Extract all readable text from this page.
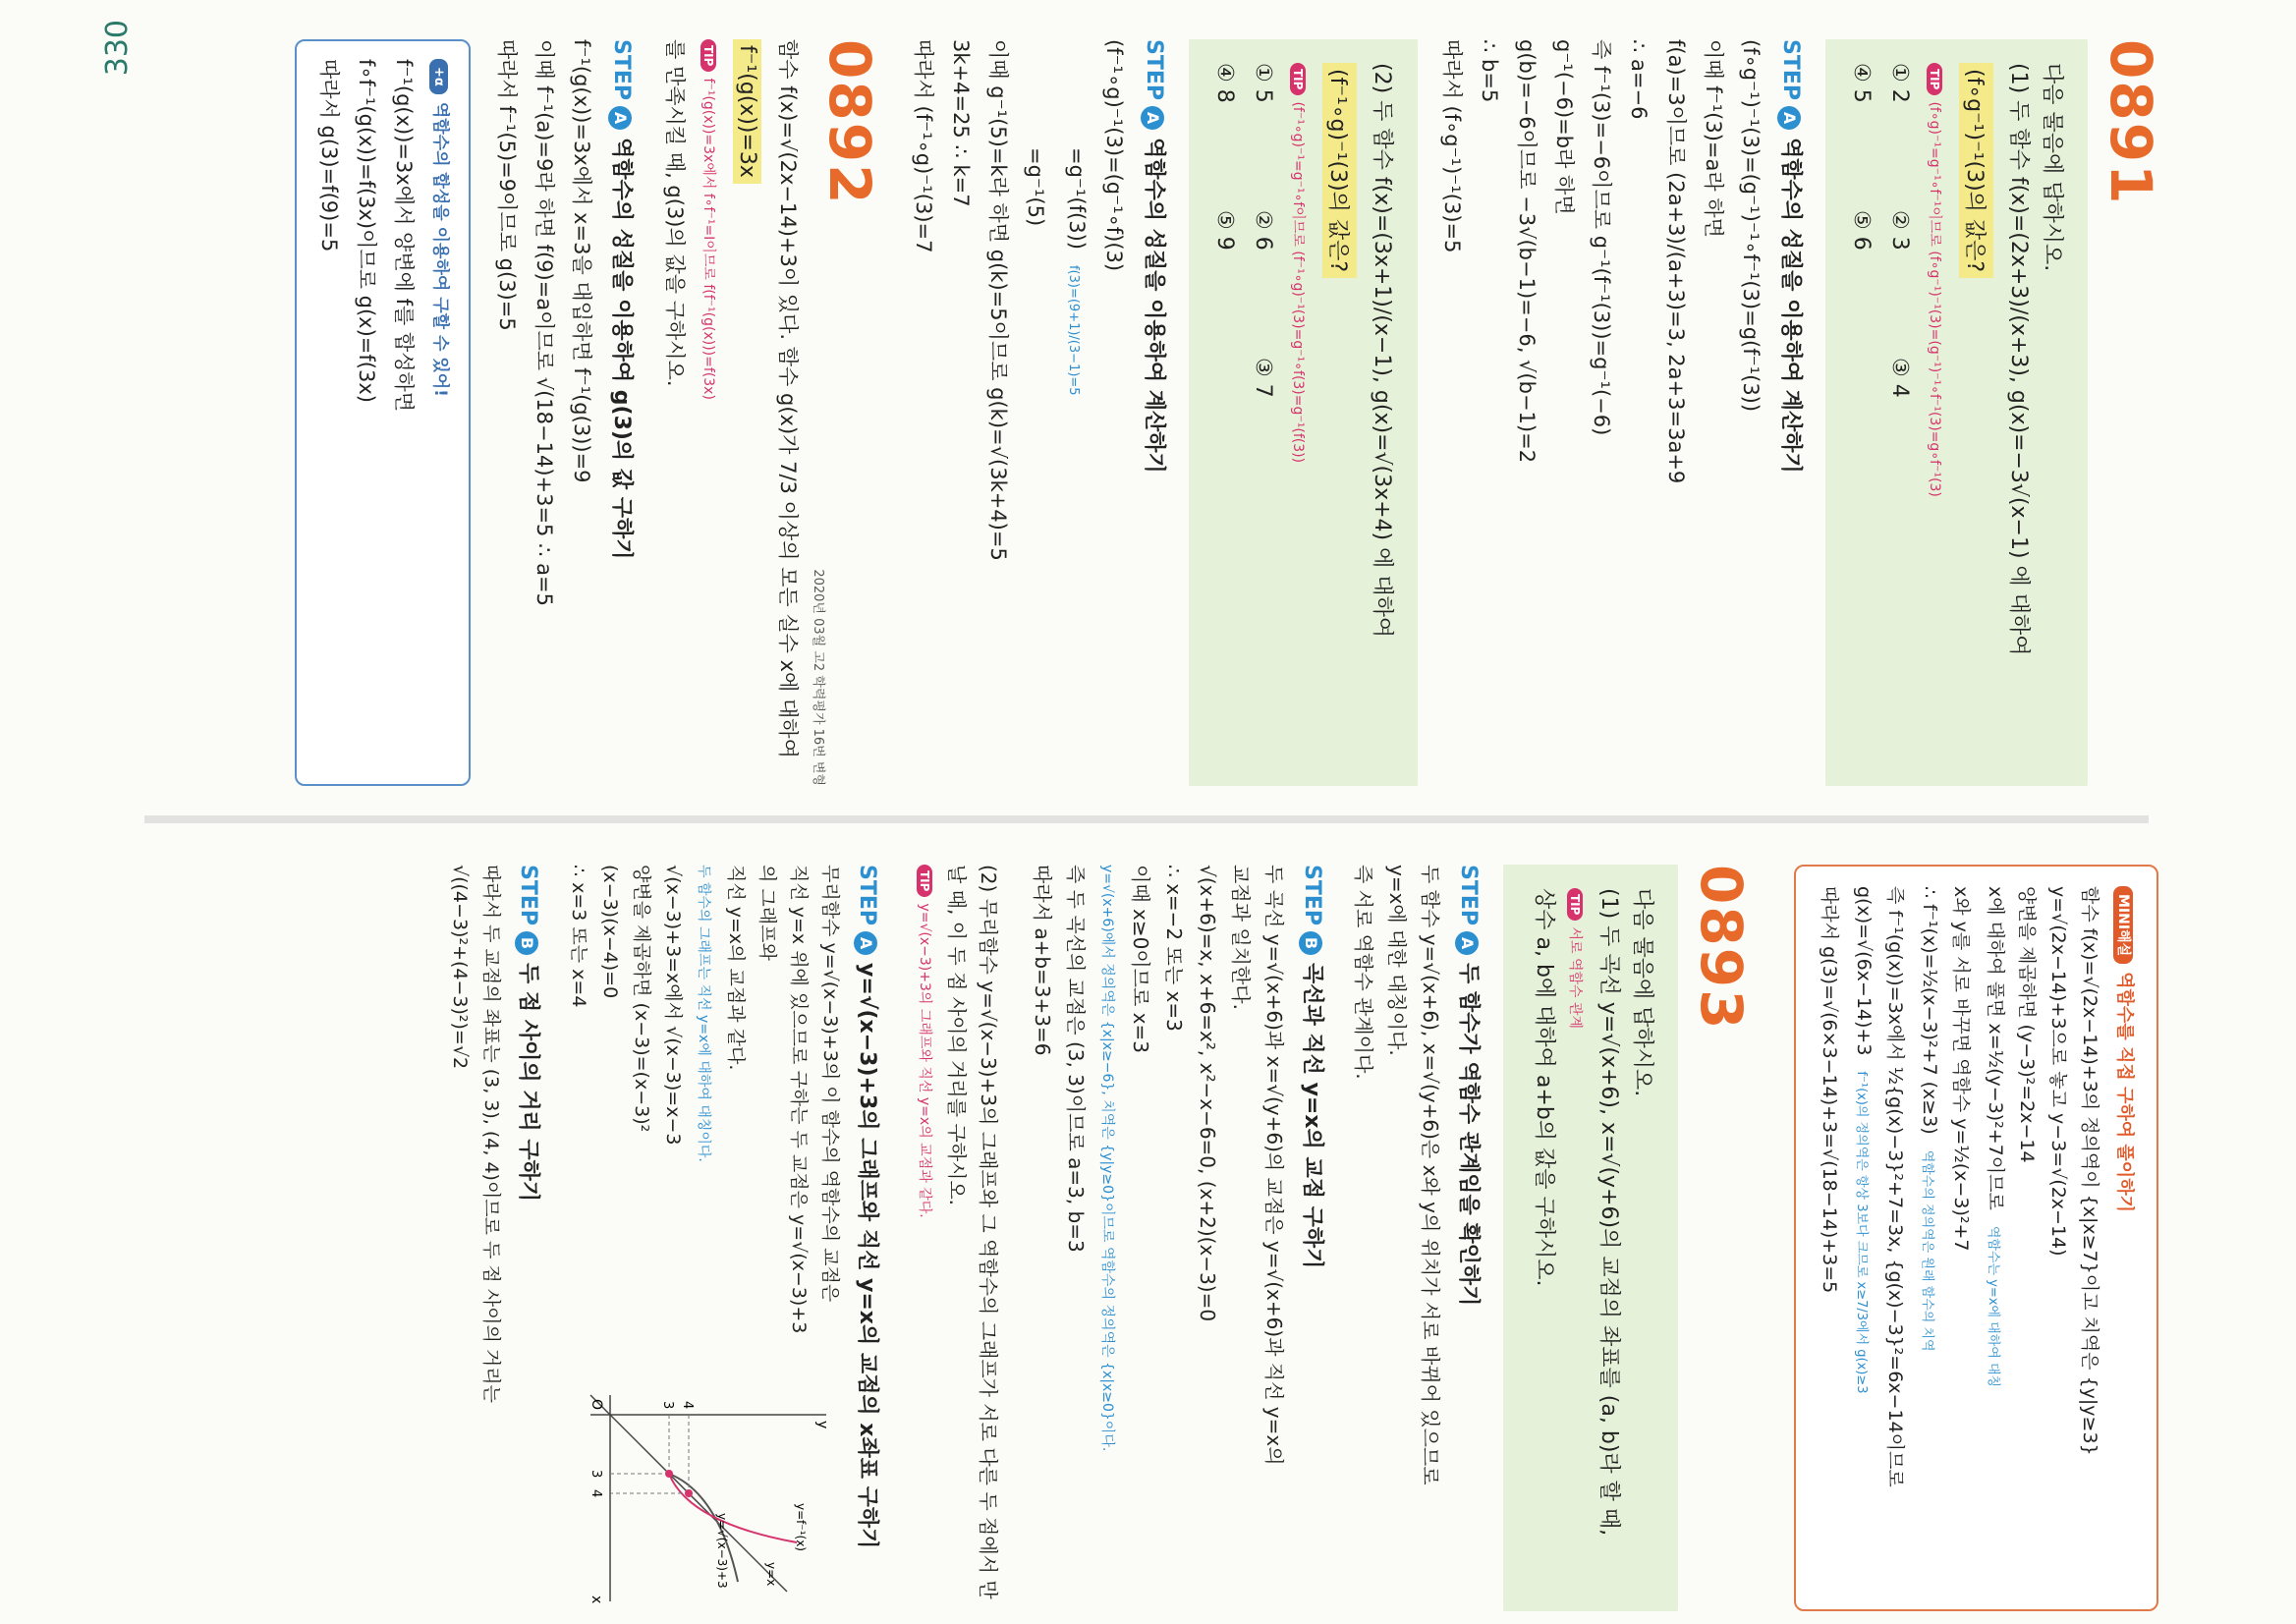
330	0891

다음 물음에 답하시오.

(1) 두 함수 f(x)=(2x+3)/(x+3), g(x)=−3√(x−1) 에 대하여

(f∘g⁻¹)⁻¹(3)의 값은?

TIP(f∘g)⁻¹=g⁻¹∘f⁻¹이므로 (f∘g⁻¹)⁻¹(3)=(g⁻¹)⁻¹∘f⁻¹(3)=g∘f⁻¹(3)

① 2
② 3
③ 4
④ 5
⑤ 6
STEPA역함수의 성질을 이용하여 계산하기

(f∘g⁻¹)⁻¹(3)=(g⁻¹)⁻¹∘f⁻¹(3)=g(f⁻¹(3))

이때 f⁻¹(3)=a라 하면

f(a)=3이므로 (2a+3)/(a+3)=3, 2a+3=3a+9

∴ a=−6

즉 f⁻¹(3)=−6이므로 g⁻¹(f⁻¹(3))=g⁻¹(−6)

g⁻¹(−6)=b라 하면

g(b)=−6이므로 −3√(b−1)=−6, √(b−1)=2

∴ b=5

따라서 (f∘g⁻¹)⁻¹(3)=5

(2) 두 함수 f(x)=(3x+1)/(x−1), g(x)=√(3x+4) 에 대하여

(f⁻¹∘g)⁻¹(3)의 값은?

TIP(f⁻¹∘g)⁻¹=g⁻¹∘f이므로 (f⁻¹∘g)⁻¹(3)=g⁻¹∘f(3)=g⁻¹(f(3))

① 5
② 6
③ 7
④ 8
⑤ 9
STEPA역함수의 성질을 이용하여 계산하기

(f⁻¹∘g)⁻¹(3)=(g⁻¹∘f)(3)

=g⁻¹(f(3))f(3)=(9+1)/(3−1)=5

=g⁻¹(5)

이때 g⁻¹(5)=k라 하면 g(k)=5이므로 g(k)=√(3k+4)=5

3k+4=25 ∴ k=7

따라서 (f⁻¹∘g)⁻¹(3)=7

0892

2020년 03월 고2 학력평가 16번 변형

함수 f(x)=√(2x−14)+3이 있다. 함수 g(x)가 7/3 이상의 모든 실수 x에 대하여

f⁻¹(g(x))=3x

TIPf⁻¹(g(x))=3x에서 f∘f⁻¹=I이므로 f(f⁻¹(g(x)))=f(3x)

를 만족시킬 때, g(3)의 값을 구하시오.

STEPA역함수의 성질을 이용하여 g(3)의 값 구하기

f⁻¹(g(x))=3x에서 x=3을 대입하면 f⁻¹(g(3))=9

이때 f⁻¹(a)=9라 하면 f(9)=a이므로 √(18−14)+3=5 ∴ a=5

따라서 f⁻¹(5)=9이므로 g(3)=5

+α역함수의 합성을 이용하여 구할 수 있어!

f⁻¹(g(x))=3x에서 양변에 f를 합성하면

f∘f⁻¹(g(x))=f(3x)이므로 g(x)=f(3x)

따라서 g(3)=f(9)=5

MINI해설역함수를 직접 구하여 풀이하기

함수 f(x)=√(2x−14)+3의 정의역이 {x|x≥7}이고 치역은 {y|y≥3}

y=√(2x−14)+3으로 놓고 y−3=√(2x−14)

양변을 제곱하면 (y−3)²=2x−14

x에 대하여 풀면 x=½(y−3)²+7이므로역함수는 y=x에 대하여 대칭

x와 y를 서로 바꾸면 역함수 y=½(x−3)²+7

∴ f⁻¹(x)=½(x−3)²+7 (x≥3)역함수의 정의역은 원래 함수의 치역

즉 f⁻¹(g(x))=3x에서 ½{g(x)−3}²+7=3x, {g(x)−3}²=6x−14이므로

g(x)=√(6x−14)+3f⁻¹(x)의 정의역은 항상 3보다 크므로 x≥7/3에서 g(x)≥3

따라서 g(3)=√(6×3−14)+3=√(18−14)+3=5

0893

다음 물음에 답하시오.

(1) 두 곡선 y=√(x+6), x=√(y+6)의 교점의 좌표를 (a, b)라 할 때,

TIP서로 역함수 관계

상수 a, b에 대하여 a+b의 값을 구하시오.

STEPA두 함수가 역함수 관계임을 확인하기

두 함수 y=√(x+6), x=√(y+6)은 x와 y의 위치가 서로 바뀌어 있으므로

y=x에 대한 대칭이다.

즉 서로 역함수 관계이다.

STEPB곡선과 직선 y=x의 교점 구하기

두 곡선 y=√(x+6)과 x=√(y+6)의 교점은 y=√(x+6)과 직선 y=x의

교점과 일치한다.

√(x+6)=x, x+6=x², x²−x−6=0, (x+2)(x−3)=0

∴ x=−2 또는 x=3

이때 x≥0이므로 x=3

y=√(x+6)에서 정의역은 {x|x≥−6}, 치역은 {y|y≥0}이므로 역함수의 정의역은 {x|x≥0}이다.

즉 두 곡선의 교점은 (3, 3)이므로 a=3, b=3

따라서 a+b=3+3=6

(2) 무리함수 y=√(x−3)+3의 그래프와 그 역함수의 그래프가 서로 다른 두 점에서 만날 때, 이 두 점 사이의 거리를 구하시오.

TIPy=√(x−3)+3의 그래프와 직선 y=x의 교점과 같다.

STEPAy=√(x−3)+3의 그래프와 직선 y=x의 교점의 x좌표 구하기

무리함수 y=√(x−3)+3의 이 함수의 역함수의 교점은

직선 y=x 위에 있으므로 구하는 두 교점은 y=√(x−3)+3의 그래프와

직선 y=x의 교점과 같다.

두 함수의 그래프는 직선 y=x에 대하여 대칭이다.

√(x−3)+3=x에서 √(x−3)=x−3

양변을 제곱하면 (x−3)=(x−3)²

(x−3)(x−4)=0

∴ x=3 또는 x=4

y
x
O
3
4
3 4
y=f⁻¹(x)
y=x
y=√(x−3)+3
STEPB두 점 사이의 거리 구하기

따라서 두 교점의 좌표는 (3, 3), (4, 4)이므로 두 점 사이의 거리는

√((4−3)²+(4−3)²)=√2
